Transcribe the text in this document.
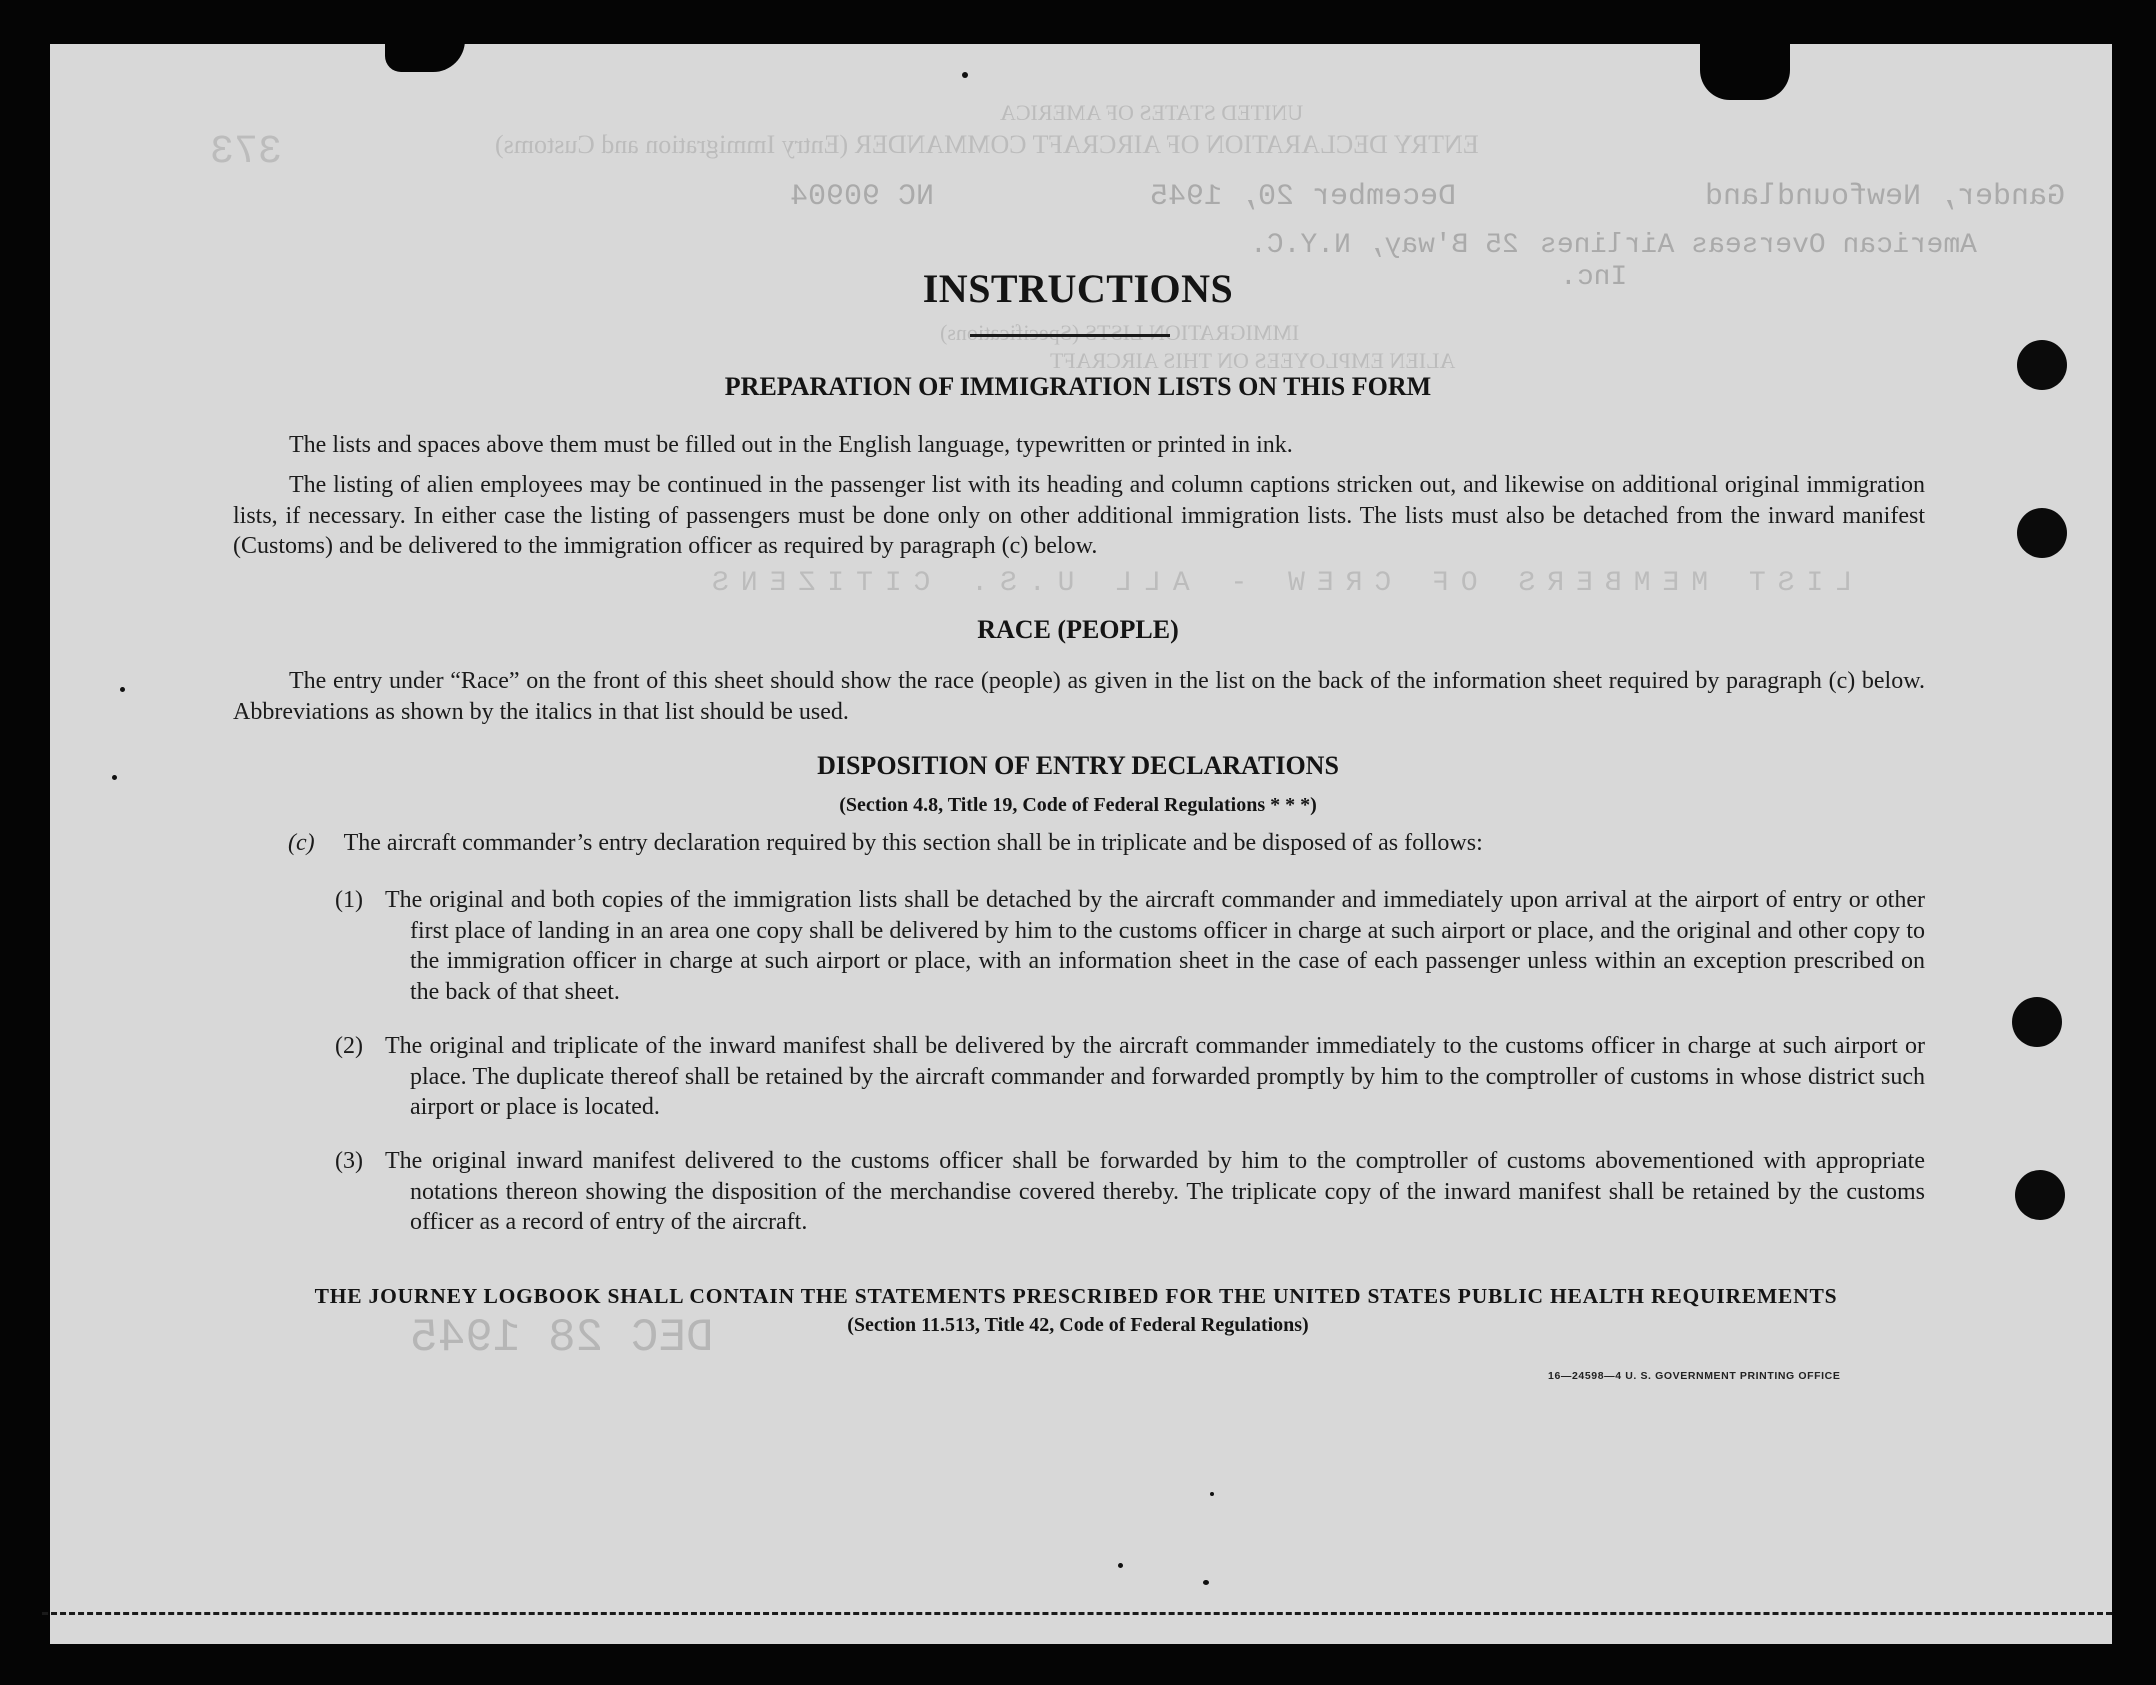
UNITED STATES OF AMERICA
ENTRY DECLARATION OF AIRCRAFT COMMANDER (Entry Immigration and Customs)
373
Gander, Newfoundland
December 20, 1945
NC 90904
American Overseas Airlines
25 B'way, N.Y.C.
Inc.
IMMIGRATION LISTS (Specifications)
ALIEN EMPLOYEES ON THIS AIRCRAFT
LIST MEMBERS OF CREW - ALL U.S. CITIZENS
DEC 28 1945
INSTRUCTIONS
PREPARATION OF IMMIGRATION LISTS ON THIS FORM
The lists and spaces above them must be filled out in the English language, typewritten or printed in ink.
The listing of alien employees may be continued in the passenger list with its heading and column captions stricken out, and likewise on additional original immigration lists, if necessary. In either case the listing of passengers must be done only on other additional immigration lists. The lists must also be detached from the inward manifest (Customs) and be delivered to the immigration officer as required by paragraph (c) below.
RACE (PEOPLE)
The entry under “Race” on the front of this sheet should show the race (people) as given in the list on the back of the information sheet required by paragraph (c) below. Abbreviations as shown by the italics in that list should be used.
DISPOSITION OF ENTRY DECLARATIONS
(Section 4.8, Title 19, Code of Federal Regulations * * *)
(c) The aircraft commander’s entry declaration required by this section shall be in triplicate and be disposed of as follows:
(1) The original and both copies of the immigration lists shall be detached by the aircraft commander and immediately upon arrival at the airport of entry or other first place of landing in an area one copy shall be delivered by him to the customs officer in charge at such airport or place, and the original and other copy to the immigration officer in charge at such airport or place, with an information sheet in the case of each passenger unless within an exception prescribed on the back of that sheet.
(2) The original and triplicate of the inward manifest shall be delivered by the aircraft commander immediately to the customs officer in charge at such airport or place. The duplicate thereof shall be retained by the aircraft commander and forwarded promptly by him to the comptroller of customs in whose district such airport or place is located.
(3) The original inward manifest delivered to the customs officer shall be forwarded by him to the comptroller of customs abovementioned with appropriate notations thereon showing the disposition of the merchandise covered thereby. The triplicate copy of the inward manifest shall be retained by the customs officer as a record of entry of the aircraft.
THE JOURNEY LOGBOOK SHALL CONTAIN THE STATEMENTS PRESCRIBED FOR THE UNITED STATES PUBLIC HEALTH REQUIREMENTS
(Section 11.513, Title 42, Code of Federal Regulations)
16—24598—4 U. S. GOVERNMENT PRINTING OFFICE
